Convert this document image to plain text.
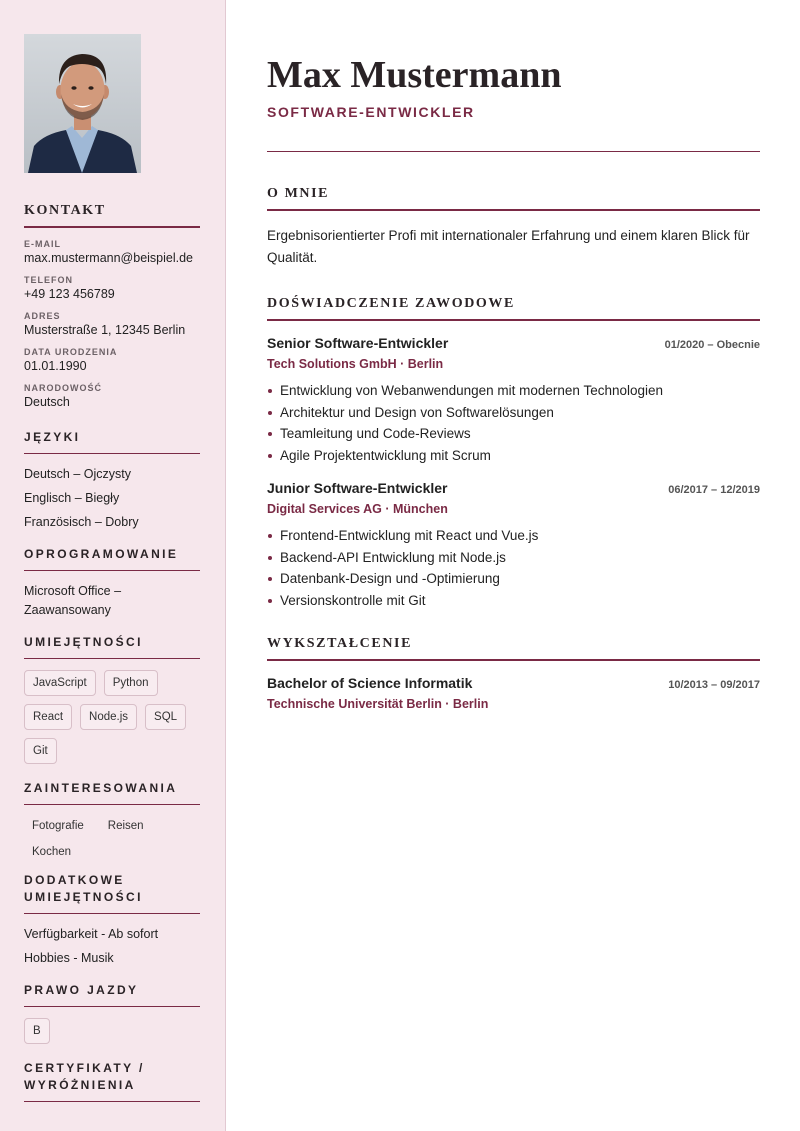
KONTAKT
E-MAIL
max.mustermann@beispiel.de
TELEFON
+49 123 456789
ADRES
Musterstraße 1, 12345 Berlin
DATA URODZENIA
01.01.1990
NARODOWOŚĆ
Deutsch
JĘZYKI
Deutsch – Ojczysty
Englisch – Biegły
Französisch – Dobry
OPROGRAMOWANIE
Microsoft Office – Zaawansowany
UMIEJĘTNOŚCI
JavaScript	Python
React	Node.js	SQL
Git
ZAINTERESOWANIA
Fotografie Reisen
Kochen
DODATKOWE UMIEJĘTNOŚCI
Verfügbarkeit - Ab sofort
Hobbies - Musik
PRAWO JAZDY
B
CERTYFIKATY / WYRÓŻNIENIA
Max Mustermann
SOFTWARE-ENTWICKLER
O MNIE
Ergebnisorientierter Profi mit internationaler Erfahrung und einem klaren Blick für Qualität.
DOŚWIADCZENIE ZAWODOWE
Senior Software-Entwickler	01/2020 – Obecnie
Tech Solutions GmbH · Berlin
Entwicklung von Webanwendungen mit modernen Technologien
Architektur und Design von Softwarelösungen
Teamleitung und Code-Reviews
Agile Projektentwicklung mit Scrum
Junior Software-Entwickler	06/2017 – 12/2019
Digital Services AG · München
Frontend-Entwicklung mit React und Vue.js
Backend-API Entwicklung mit Node.js
Datenbank-Design und -Optimierung
Versionskontrolle mit Git
WYKSZTAŁCENIE
Bachelor of Science Informatik	10/2013 – 09/2017
Technische Universität Berlin · Berlin
